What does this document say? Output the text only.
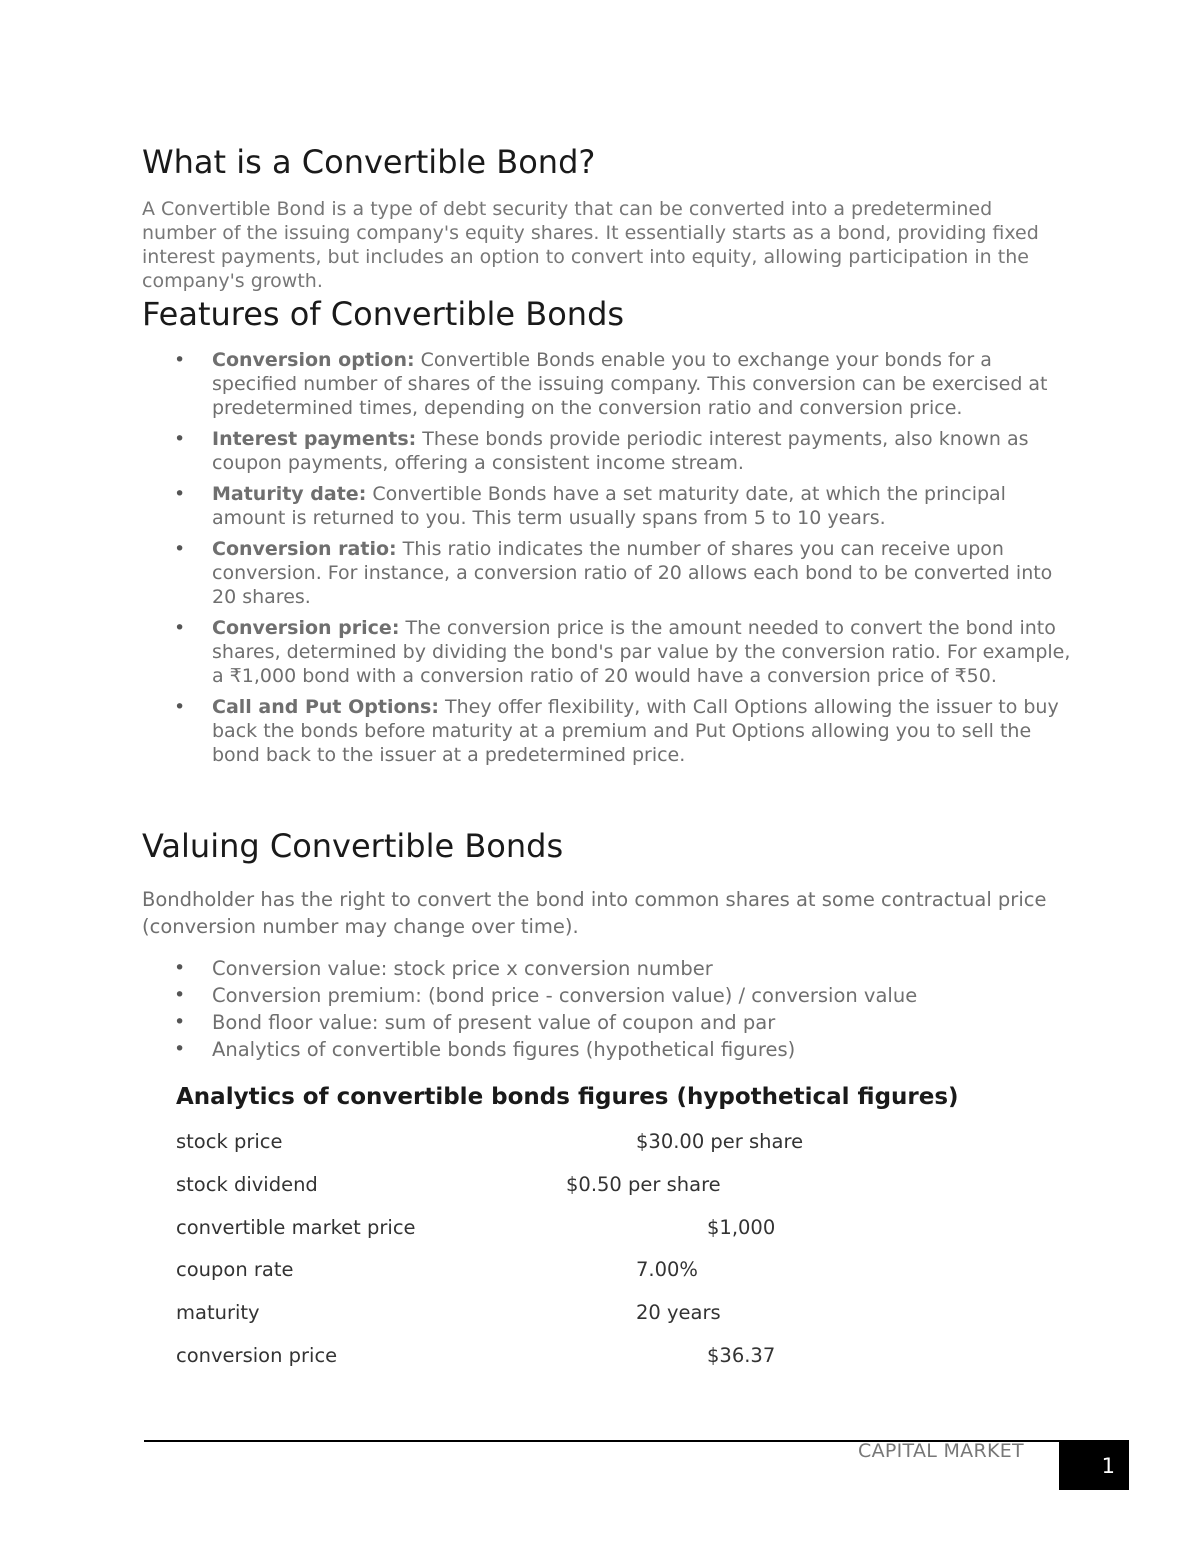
What is a Convertible Bond?

A Convertible Bond is a type of debt security that can be converted into a predetermined number of the issuing company's equity shares. It essentially starts as a bond, providing fixed interest payments, but includes an option to convert into equity, allowing participation in the company's growth.

Features of Convertible Bonds
• Conversion option: Convertible Bonds enable you to exchange your bonds for a specified number of shares of the issuing company. This conversion can be exercised at predetermined times, depending on the conversion ratio and conversion price.
• Interest payments: These bonds provide periodic interest payments, also known as coupon payments, offering a consistent income stream.
• Maturity date: Convertible Bonds have a set maturity date, at which the principal amount is returned to you. This term usually spans from 5 to 10 years.
• Conversion ratio: This ratio indicates the number of shares you can receive upon conversion. For instance, a conversion ratio of 20 allows each bond to be converted into 20 shares.
• Conversion price: The conversion price is the amount needed to convert the bond into shares, determined by dividing the bond's par value by the conversion ratio. For example, a ₹1,000 bond with a conversion ratio of 20 would have a conversion price of ₹50.
• Call and Put Options: They offer flexibility, with Call Options allowing the issuer to buy back the bonds before maturity at a premium and Put Options allowing you to sell the bond back to the issuer at a predetermined price.
Valuing Convertible Bonds

Bondholder has the right to convert the bond into common shares at some contractual price (conversion number may change over time).

• Conversion value: stock price x conversion number
• Conversion premium: (bond price - conversion value) / conversion value
• Bond floor value: sum of present value of coupon and par
• Analytics of convertible bonds figures (hypothetical figures)
Analytics of convertible bonds figures (hypothetical figures)
stock price	$30.00 per share
stock dividend	$0.50 per share
convertible market price	$1,000
coupon rate	7.00%
maturity	20 years
conversion price	$36.37
CAPITAL MARKET
1
